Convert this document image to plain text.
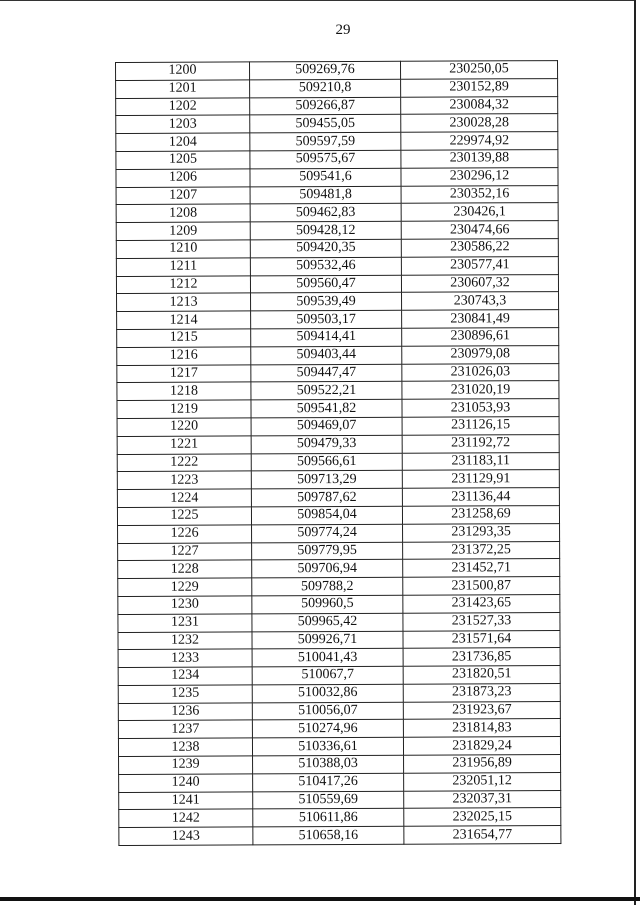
29
1200	509269,76	230250,05
1201	509210,8	230152,89
1202	509266,87	230084,32
1203	509455,05	230028,28
1204	509597,59	229974,92
1205	509575,67	230139,88
1206	509541,6	230296,12
1207	509481,8	230352,16
1208	509462,83	230426,1
1209	509428,12	230474,66
1210	509420,35	230586,22
1211	509532,46	230577,41
1212	509560,47	230607,32
1213	509539,49	230743,3
1214	509503,17	230841,49
1215	509414,41	230896,61
1216	509403,44	230979,08
1217	509447,47	231026,03
1218	509522,21	231020,19
1219	509541,82	231053,93
1220	509469,07	231126,15
1221	509479,33	231192,72
1222	509566,61	231183,11
1223	509713,29	231129,91
1224	509787,62	231136,44
1225	509854,04	231258,69
1226	509774,24	231293,35
1227	509779,95	231372,25
1228	509706,94	231452,71
1229	509788,2	231500,87
1230	509960,5	231423,65
1231	509965,42	231527,33
1232	509926,71	231571,64
1233	510041,43	231736,85
1234	510067,7	231820,51
1235	510032,86	231873,23
1236	510056,07	231923,67
1237	510274,96	231814,83
1238	510336,61	231829,24
1239	510388,03	231956,89
1240	510417,26	232051,12
1241	510559,69	232037,31
1242	510611,86	232025,15
1243	510658,16	231654,77
